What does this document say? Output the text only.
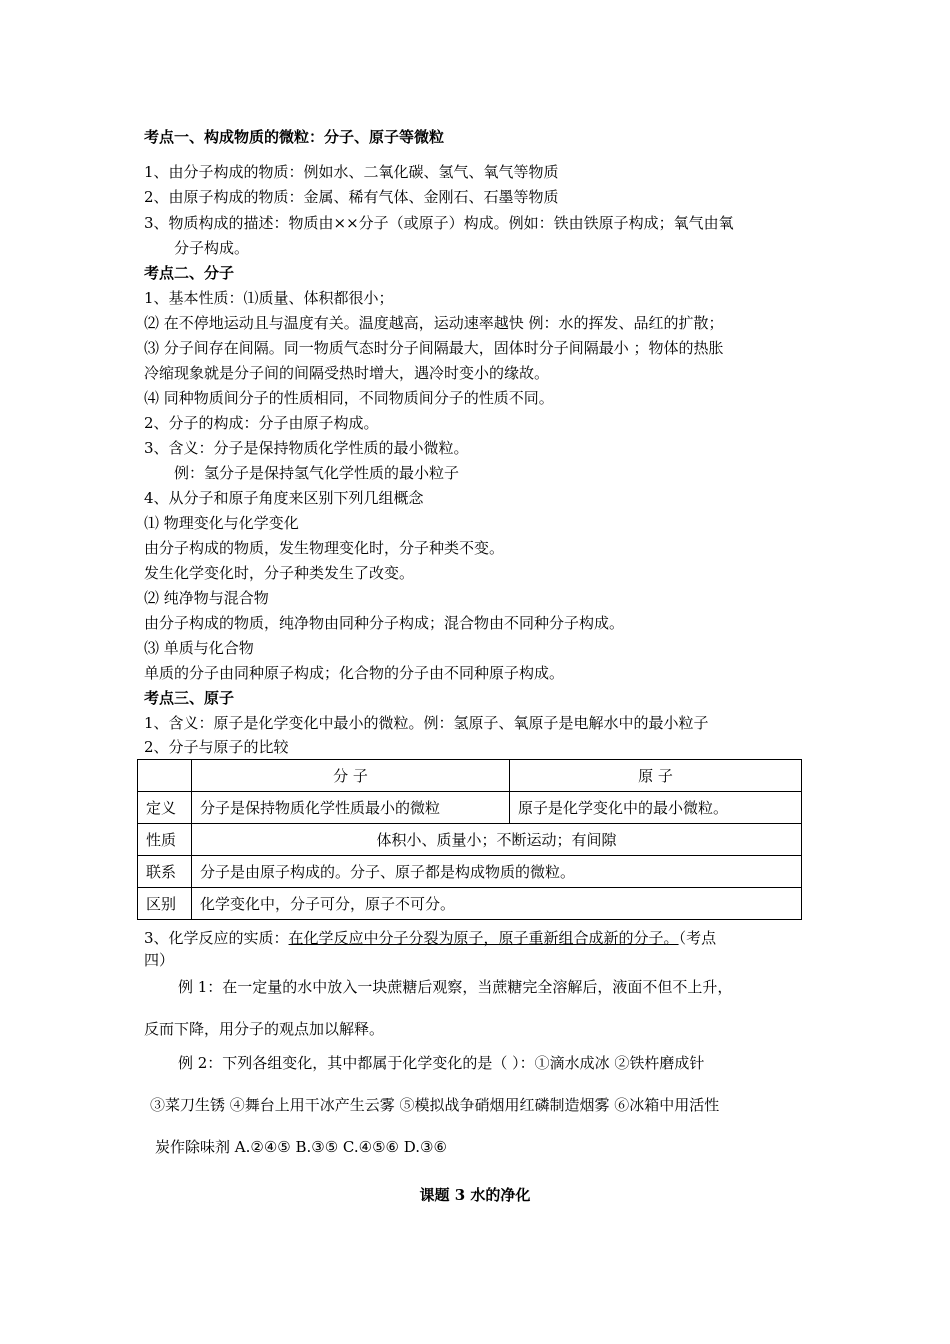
考点一、构成物质的微粒：分子、原子等微粒
1、由分子构成的物质：例如水、二氧化碳、氢气、氧气等物质
2、由原子构成的物质：金属、稀有气体、金刚石、石墨等物质
3、物质构成的描述：物质由××分子（或原子）构成。例如：铁由铁原子构成；氧气由氧
分子构成。
考点二、分子
1、基本性质：⑴质量、体积都很小；
⑵ 在不停地运动且与温度有关。温度越高，运动速率越快 例：水的挥发、品红的扩散；
⑶ 分子间存在间隔。同一物质气态时分子间隔最大，固体时分子间隔最小 ；物体的热胀
冷缩现象就是分子间的间隔受热时增大，遇冷时变小的缘故。
⑷ 同种物质间分子的性质相同，不同物质间分子的性质不同。
2、分子的构成：分子由原子构成。
3、含义：分子是保持物质化学性质的最小微粒。
例：氢分子是保持氢气化学性质的最小粒子
4、从分子和原子角度来区别下列几组概念
⑴ 物理变化与化学变化
由分子构成的物质，发生物理变化时，分子种类不变。
发生化学变化时，分子种类发生了改变。
⑵ 纯净物与混合物
由分子构成的物质，纯净物由同种分子构成；混合物由不同种分子构成。
⑶ 单质与化合物
单质的分子由同种原子构成；化合物的分子由不同种原子构成。
考点三、原子
1、含义：原子是化学变化中最小的微粒。例：氢原子、氧原子是电解水中的最小粒子
2、分子与原子的比较
	分 子	原 子
定义	分子是保持物质化学性质最小的微粒	原子是化学变化中的最小微粒。
性质	体积小、质量小；不断运动；有间隙	
联系	分子是由原子构成的。分子、原子都是构成物质的微粒。	
区别	化学变化中，分子可分，原子不可分。	
3、化学反应的实质：在化学反应中分子分裂为原子，原子重新组合成新的分子。（考点
四）
例 1：在一定量的水中放入一块蔗糖后观察，当蔗糖完全溶解后，液面不但不上升，
反而下降，用分子的观点加以解释。
例 2：下列各组变化，其中都属于化学变化的是（ ）：①滴水成冰 ②铁杵磨成针
③菜刀生锈 ④舞台上用干冰产生云雾 ⑤模拟战争硝烟用红磷制造烟雾 ⑥冰箱中用活性
炭作除味剂 A.②④⑤ B.③⑤ C.④⑤⑥ D.③⑥
课题 3 水的净化
